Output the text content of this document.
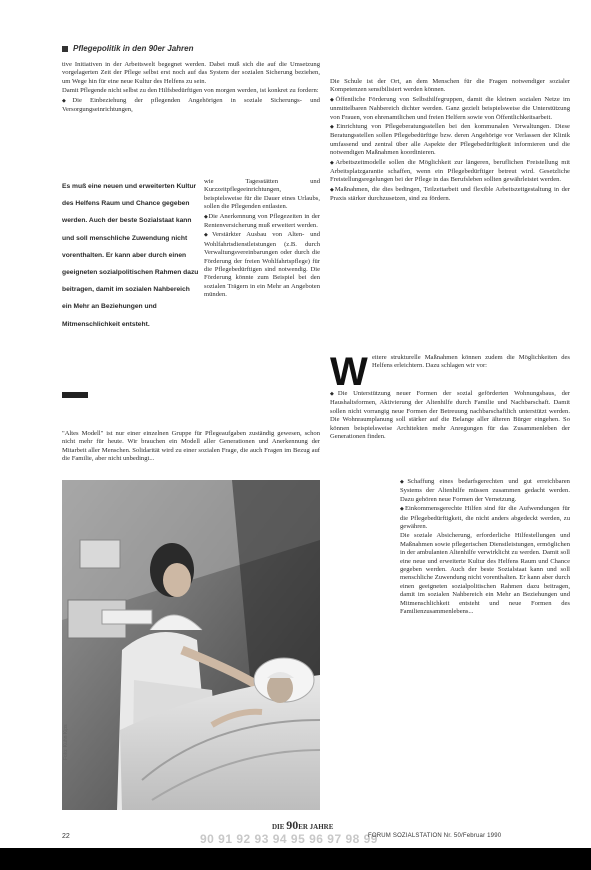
Pflegepolitik in den 90er Jahren

tive Initiativen in der Arbeitswelt begegnet werden. Dabei muß sich die auf die Umsetzung vorgelagerten Zeit der Pflege selbst erst noch auf das System der sozialen Sicherung beziehen, um Wege hin für eine neue Kultur des Helfens zu sein.

Damit Pflegende nicht selbst zu den Hilfsbedürftigen von morgen werden, ist konkret zu fordern:

◆ Die Einbeziehung der pflegenden Angehörigen in soziale Sicherungs- und Versorgungseinrichtungen,

Es muß eine neuen und erweiterten Kultur des Helfens Raum und Chance gegeben werden. Auch der beste Sozialstaat kann und soll menschliche Zuwendung nicht vorenthalten. Er kann aber durch einen geeigneten sozialpolitischen Rahmen dazu beitragen, damit im sozialen Nahbereich ein Mehr an Beziehungen und Mitmenschlichkeit entsteht.

wie Tagesstätten und Kurzzeitpflegeeinrichtungen, beispielsweise für die Dauer eines Urlaubs, sollen die Pflegenden entlasten.

◆ Die Anerkennung von Pflegezeiten in der Rentenversicherung muß erweitert werden.

◆ Verstärkter Ausbau von Alten- und Wohlfahrtsdienstleistungen (z.B. durch Verwaltungsvereinbarungen oder durch die Förderung der freien Wohlfahrtspflege) für die Pflegebedürftigen sind notwendig. Die Förderung könnte zum Beispiel bei den sozialen Trägern in ein Mehr an Angeboten münden.

"Altes Modell" ist nur einer einzelnen Gruppe für Pflegeaufgaben zuständig gewesen, schon nicht mehr für heute. Wir brauchen ein Modell aller Generationen und Anerkennung der Mitarbeit aller Menschen. Solidarität wird zu einer sozialen Frage, die auch Fragen im Bezug auf die Familie, aber nicht unbedingt...

Die Schule ist der Ort, an dem Menschen für die Fragen notwendiger sozialer Kompetenzen sensibilisiert werden können.

◆ Öffentliche Förderung von Selbsthilfegruppen, damit die kleinen sozialen Netze im unmittelbaren Nahbereich dichter werden. Ganz gezielt beispielsweise die Unterstützung von Frauen, von ehrenamtlichen und freien Helfern sowie von Öffentlichkeitsarbeit.

◆ Einrichtung von Pflegeberatungsstellen bei den kommunalen Verwaltungen. Diese Beratungsstellen sollen Pflegebedürftige bzw. deren Angehörige vor Verlassen der Klinik umfassend und zentral über alle Aspekte der Pflegebedürftigkeit informieren und die notwendigen Maßnahmen koordinieren.

◆ Arbeitszeitmodelle sollen die Möglichkeit zur längeren, beruflichen Freistellung mit Arbeitsplatzgarantie schaffen, wenn ein Pflegebedürftiger betreut wird. Gesetzliche Freistellungsregelungen bei der Pflege in das Berufsleben sollten gewährleistet werden.

◆ Maßnahmen, die dies bedingen, Teilzeitarbeit und flexible Arbeitszeitgestaltung in der Praxis stärker durchzusetzen, sind zu fördern.

W eitere strukturelle Maßnahmen können zudem die Möglichkeiten des Helfens erleichtern. Dazu schlagen wir vor:

◆ Die Unterstützung neuer Formen der sozial geförderten Wohnungsbaus, der Haushaltsformen, Aktivierung der Altenhilfe durch Familie und Nachbarschaft. Damit sollen nicht vorrangig neue Formen der Betreuung nachbarschaftlich unterstützt werden. Die Wohnraumplanung soll stärker auf die Belange aller älteren Bürger eingehen. So können beispielsweise Architekten mehr Anregungen für das Zusammenleben der Generationen finden.

◆ Schaffung eines bedarfsgerechten und gut erreichbaren Systems der Altenhilfe müssen zusammen gedacht werden. Dazu gehören neue Formen der Vernetzung.

◆ Einkommensgerechte Hilfen sind für die Aufwendungen für die Pflegebedürftigkeit, die nicht anders abgedeckt werden, zu gewähren.

Die soziale Absicherung, erforderliche Hilfestellungen und Maßnahmen sowie pflegerischen Dienstleistungen, ermöglichen in der ambulanten Altenhilfe verwirklicht zu werden. Damit soll eine neue und erweiterte Kultur des Helfens Raum und Chance gegeben werden. Auch der beste Sozialstaat kann und soll menschliche Zuwendung nicht vorenthalten. Er kann aber durch einen geeigneten sozialpolitischen Rahmen dazu beitragen, damit im sozialen Nahbereich ein Mehr an Beziehungen und Mitmenschlichkeit entsteht und neue Formen des Familienzusammenlebens...

Foto: Kuhn Kips
DIE 90ER JAHRE
90 91 92 93 94 95 96 97 98 99
22	FORUM SOZIALSTATION Nr. 50/Februar 1990
